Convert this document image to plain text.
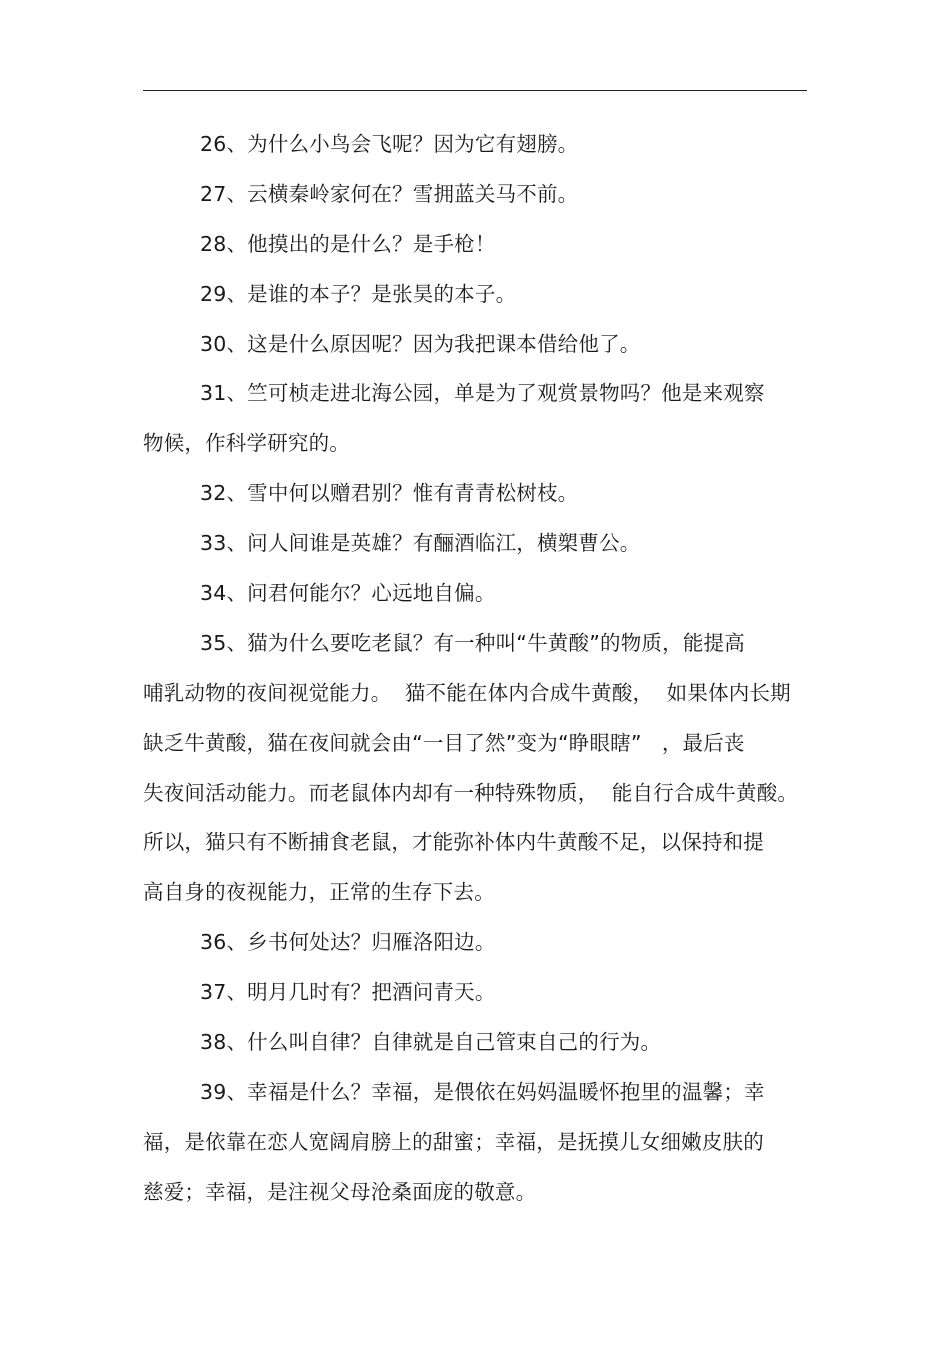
26、为什么小鸟会飞呢？因为它有翅膀。
27、云横秦岭家何在？雪拥蓝关马不前。
28、他摸出的是什么？是手枪！
29、是谁的本子？是张昊的本子。
30、这是什么原因呢？因为我把课本借给他了。
31、竺可桢走进北海公园，单是为了观赏景物吗？他是来观察
物候，作科学研究的。
32、雪中何以赠君别？惟有青青松树枝。
33、问人间谁是英雄？有酾酒临江，横槊曹公。
34、问君何能尔？心远地自偏。
35、猫为什么要吃老鼠？有一种叫“牛黄酸”的物质，能提高
哺乳动物的夜间视觉能力。  猫不能在体内合成牛黄酸，  如果体内长期
缺乏牛黄酸，猫在夜间就会由“一目了然”变为“睁眼瞎”   ，最后丧
失夜间活动能力。而老鼠体内却有一种特殊物质，  能自行合成牛黄酸。
所以，猫只有不断捕食老鼠，才能弥补体内牛黄酸不足，以保持和提
高自身的夜视能力，正常的生存下去。
36、乡书何处达？归雁洛阳边。
37、明月几时有？把酒问青天。
38、什么叫自律？自律就是自己管束自己的行为。
39、幸福是什么？幸福，是偎依在妈妈温暖怀抱里的温馨；幸
福，是依靠在恋人宽阔肩膀上的甜蜜；幸福，是抚摸儿女细嫩皮肤的
慈爱；幸福，是注视父母沧桑面庞的敬意。
